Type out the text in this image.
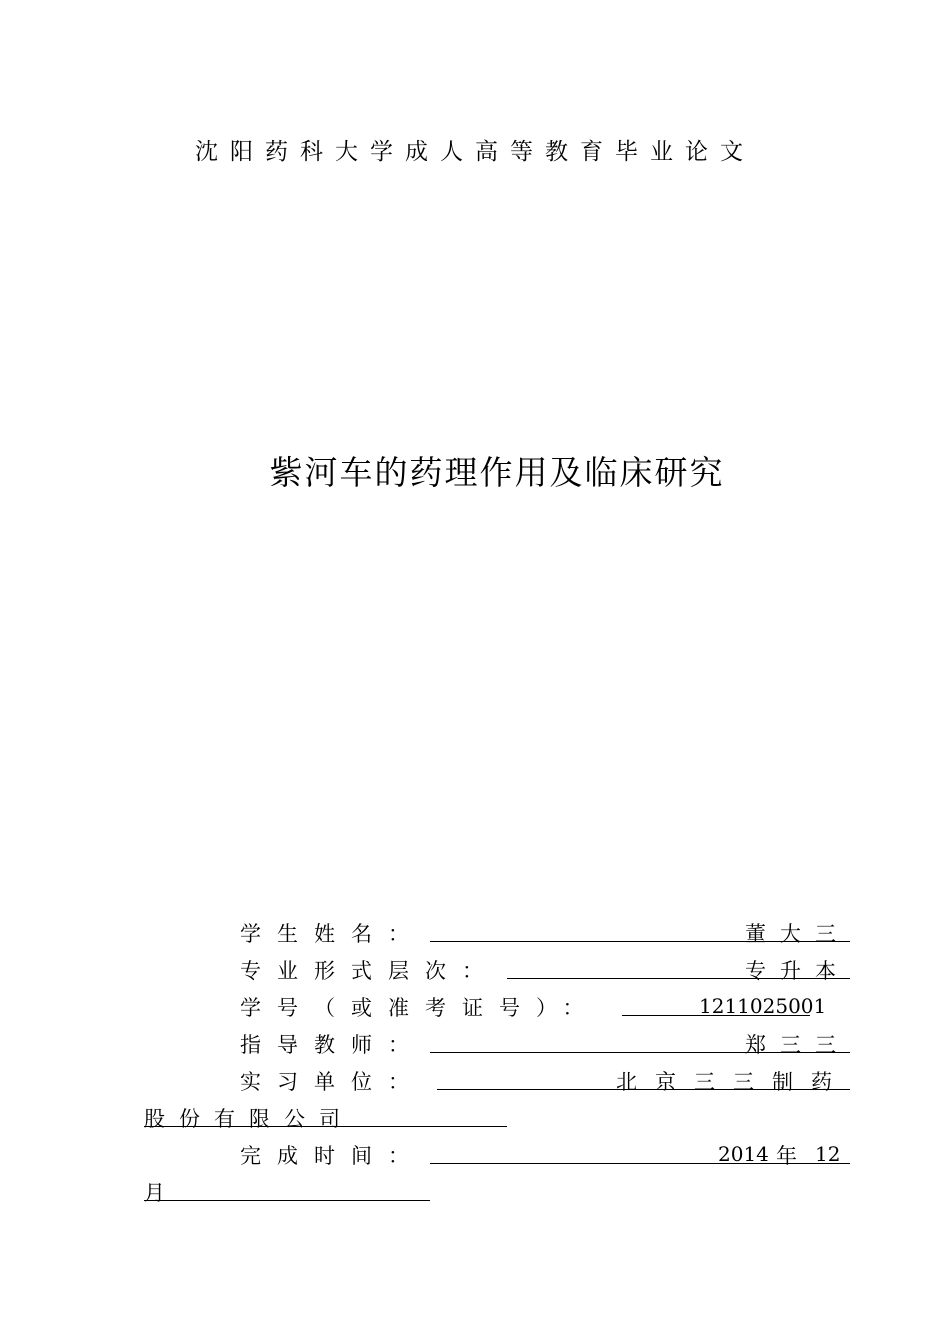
沈阳药科大学成人高等教育毕业论文
紫河车的药理作用及临床研究
学生姓名：	董大三
专业形式层次：	专升本
学号（或准考证号）：	1211025001
指导教师：	郑三三
实习单位：	北京三三制药
股份有限公司
完成时间：	2014 年 12
月
